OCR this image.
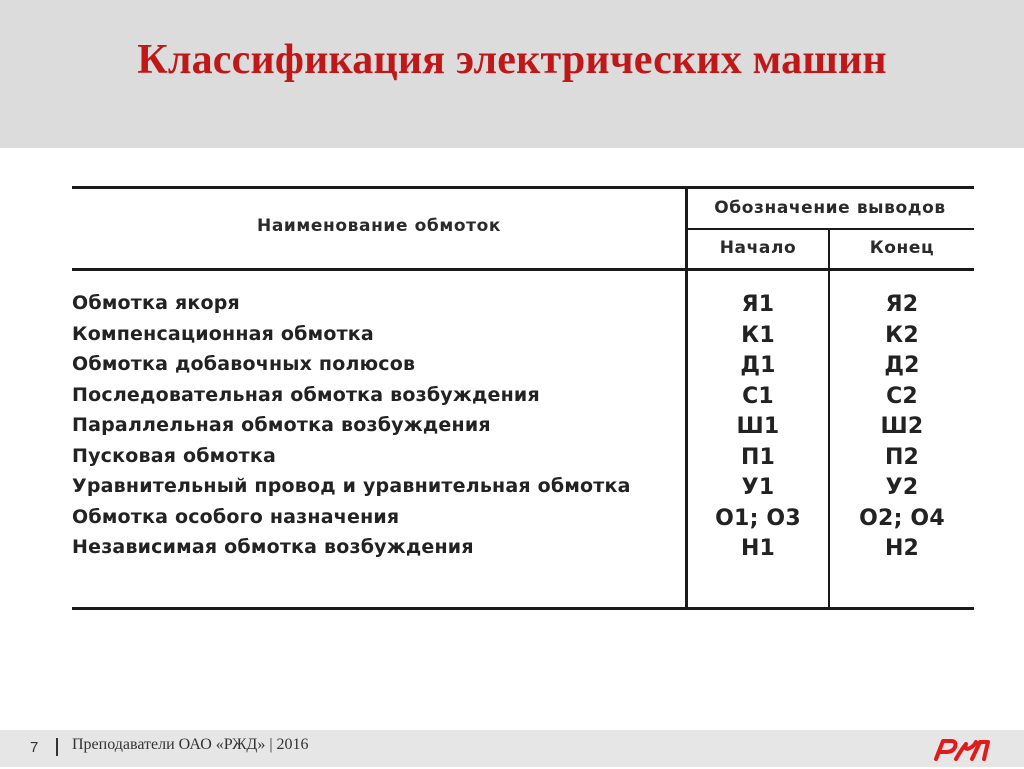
Классификация электрических машин
Наименование обмоток
Обозначение выводов
Начало	Конец
Обмотка якоря	Я1	Я2
Компенсационная обмотка	К1	К2
Обмотка добавочных полюсов	Д1	Д2
Последовательная обмотка возбуждения	С1	С2
Параллельная обмотка возбуждения	Ш1	Ш2
Пусковая обмотка	П1	П2
Уравнительный провод и уравнительная обмотка	У1	У2
Обмотка особого назначения	О1; О3	О2; О4
Независимая обмотка возбуждения	Н1	Н2
7 Преподаватели ОАО «РЖД» | 2016
